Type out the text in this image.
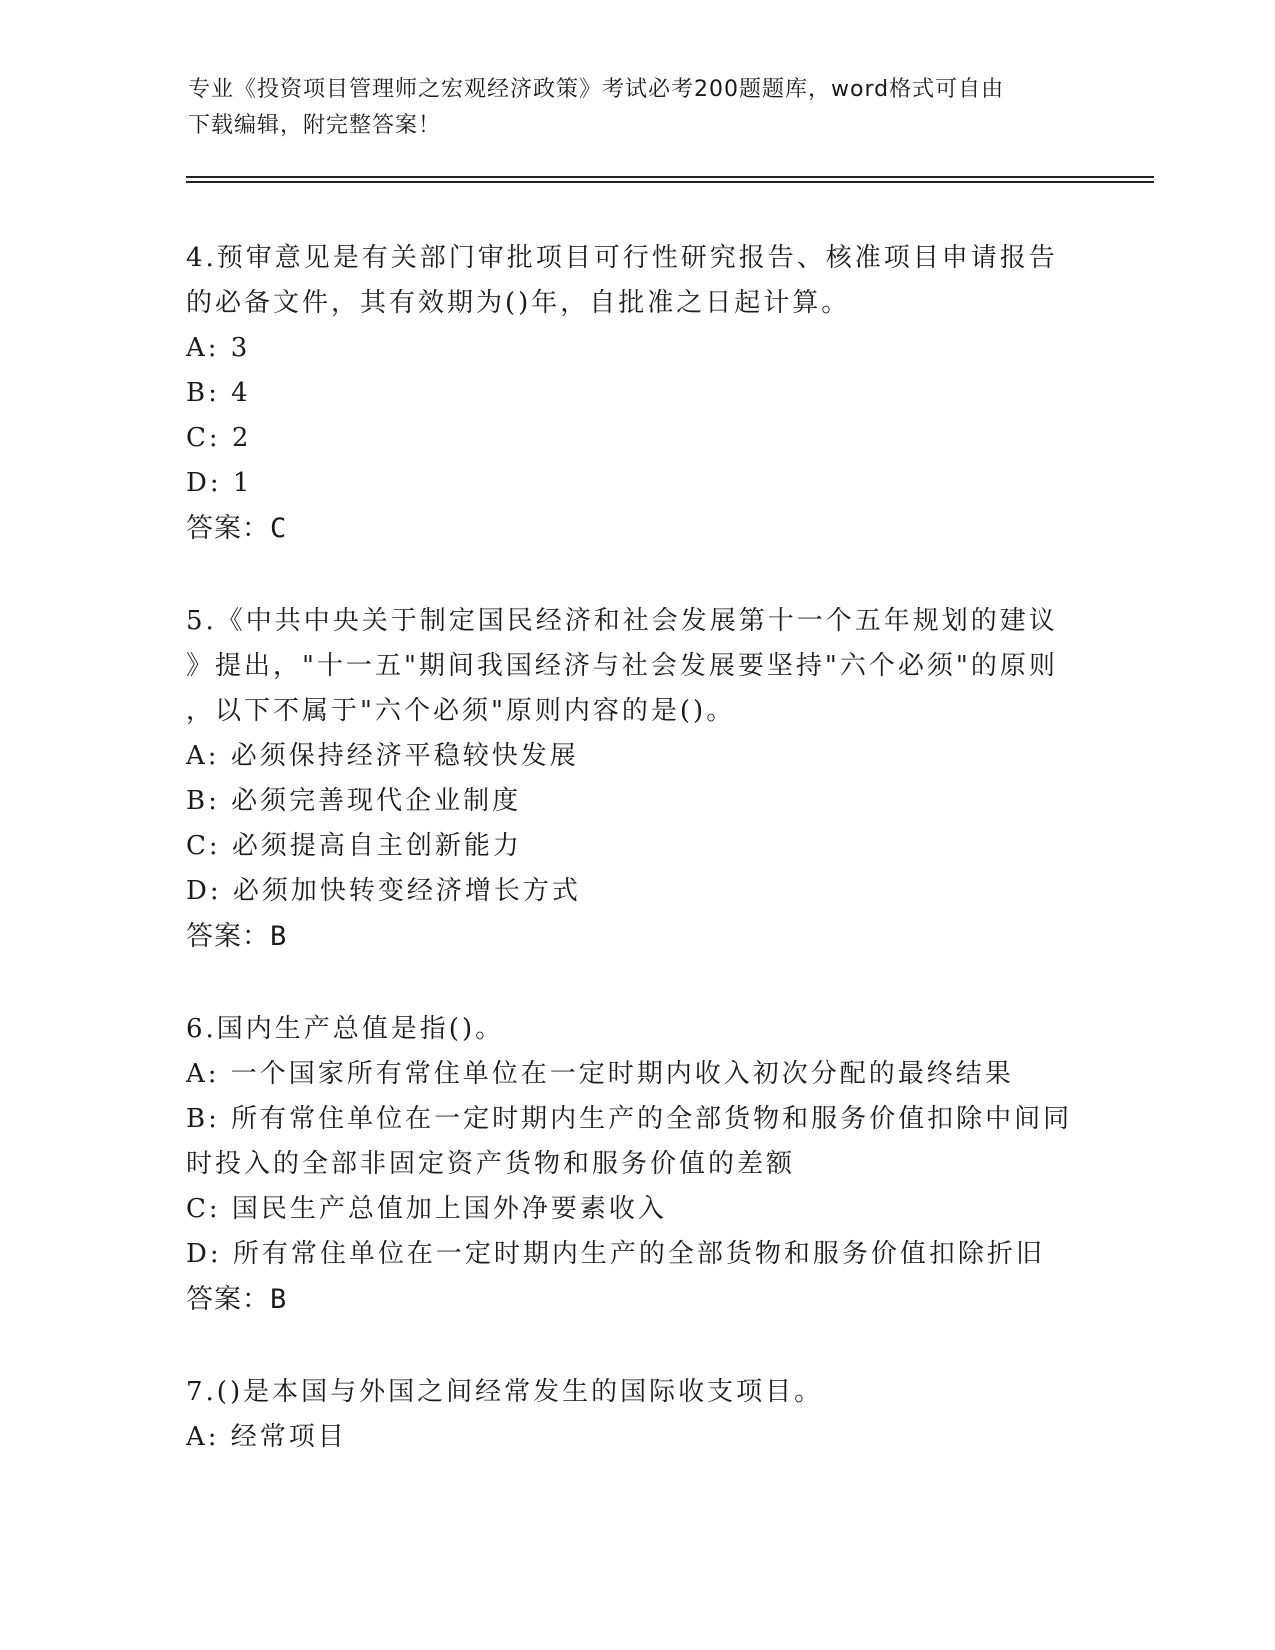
专业《投资项目管理师之宏观经济政策》考试必考200题题库，word格式可自由
下载编辑，附完整答案！
4.预审意见是有关部门审批项目可行性研究报告、核准项目申请报告
的必备文件，其有效期为()年，自批准之日起计算。
A: 3
B: 4
C: 2
D: 1
答案：C
5.《中共中央关于制定国民经济和社会发展第十一个五年规划的建议
》提出，"十一五"期间我国经济与社会发展要坚持"六个必须"的原则
，以下不属于"六个必须"原则内容的是()。
A: 必须保持经济平稳较快发展
B: 必须完善现代企业制度
C: 必须提高自主创新能力
D: 必须加快转变经济增长方式
答案：B
6.国内生产总值是指()。
A: 一个国家所有常住单位在一定时期内收入初次分配的最终结果
B: 所有常住单位在一定时期内生产的全部货物和服务价值扣除中间同
时投入的全部非固定资产货物和服务价值的差额
C: 国民生产总值加上国外净要素收入
D: 所有常住单位在一定时期内生产的全部货物和服务价值扣除折旧
答案：B
7.()是本国与外国之间经常发生的国际收支项目。
A: 经常项目
